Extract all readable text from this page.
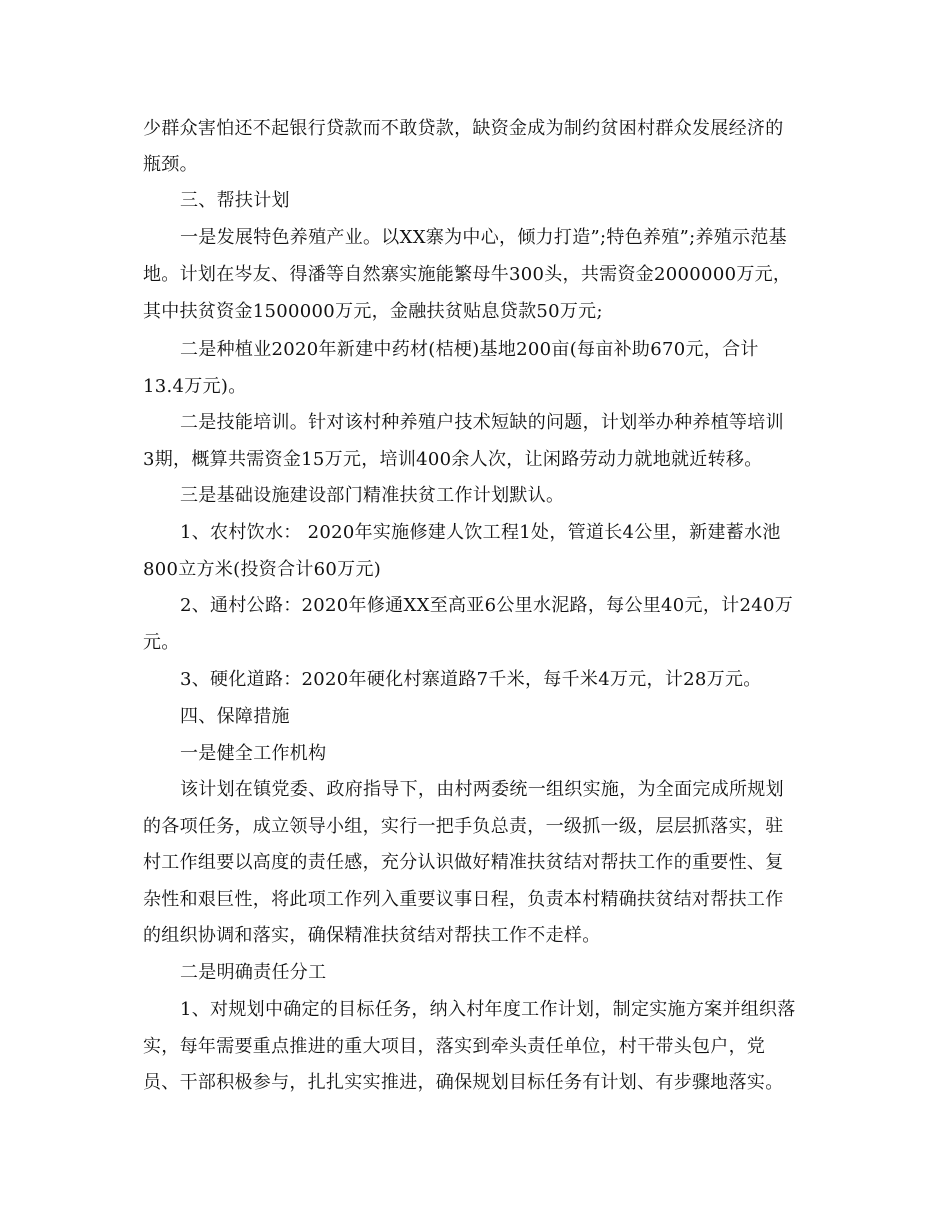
少群众害怕还不起银行贷款而不敢贷款，缺资金成为制约贫困村群众发展经济的
瓶颈。
三、帮扶计划
一是发展特色养殖产业。以XX寨为中心，倾力打造”;特色养殖”;养殖示范基
地。计划在岑友、得潘等自然寨实施能繁母牛300头，共需资金2000000万元，
其中扶贫资金1500000万元，金融扶贫贴息贷款50万元;
二是种植业2020年新建中药材(桔梗)基地200亩(每亩补助670元，合计
13.4万元)。
二是技能培训。针对该村种养殖户技术短缺的问题，计划举办种养植等培训
3期，概算共需资金15万元，培训400余人次，让闲路劳动力就地就近转移。
三是基础设施建设部门精准扶贫工作计划默认。
1、农村饮水： 2020年实施修建人饮工程1处，管道长4公里，新建蓄水池
800立方米(投资合计60万元)
2、通村公路：2020年修通XX至高亚6公里水泥路，每公里40元，计240万
元。
3、硬化道路：2020年硬化村寨道路7千米，每千米4万元，计28万元。
四、保障措施
一是健全工作机构
该计划在镇党委、政府指导下，由村两委统一组织实施，为全面完成所规划
的各项任务，成立领导小组，实行一把手负总责，一级抓一级，层层抓落实，驻
村工作组要以高度的责任感，充分认识做好精准扶贫结对帮扶工作的重要性、复
杂性和艰巨性，将此项工作列入重要议事日程，负责本村精确扶贫结对帮扶工作
的组织协调和落实，确保精准扶贫结对帮扶工作不走样。
二是明确责任分工
1、对规划中确定的目标任务，纳入村年度工作计划，制定实施方案并组织落
实，每年需要重点推进的重大项目，落实到牵头责任单位，村干带头包户，党
员、干部积极参与，扎扎实实推进，确保规划目标任务有计划、有步骤地落实。
